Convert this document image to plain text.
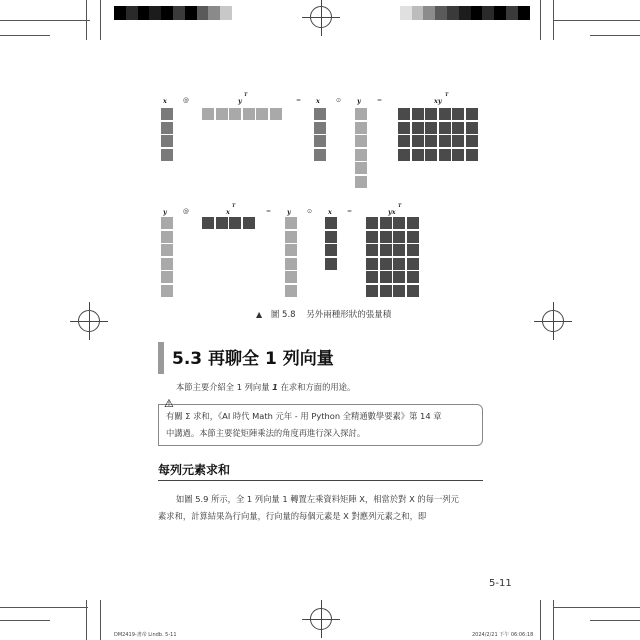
x	@	y
T
= x	⊙ y	=	xy
T
y	@	x
T
= y	⊙ x	=	yx
T
▲ 圖 5.8 另外兩種形狀的張量積
5.3 再聊全 1 列向量
本節主要介紹全 1 列向量 1 在求和方面的用途。
⚠
有關 Σ 求和，《AI 時代 Math 元年 - 用 Python 全精通數學要素》第 14 章
中講過。本節主要從矩陣乘法的角度再進行深入探討。
每列元素求和
如圖 5.9 所示，全 1 列向量 1 轉置左乘資料矩陣 X，相當於對 X 的每一列元
素求和，計算結果為行向量，行向量的每個元素是 X 對應列元素之和，即
5-11
DM2419-書帝 Lindb. 5-11	2024/2/21 下午 06:06:18
